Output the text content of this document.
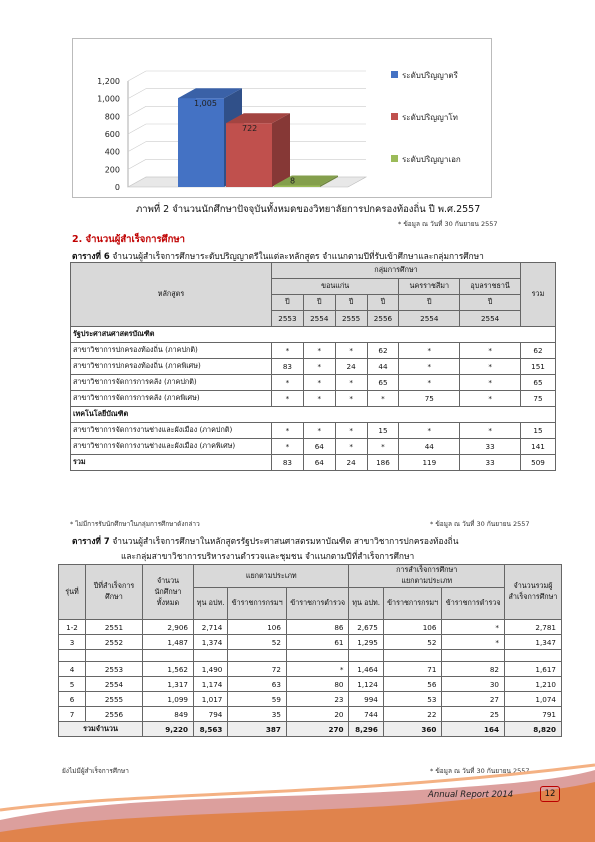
0
200
400
600
800
1,000
1,200
1,005
722
8
ระดับปริญญาตรี
ระดับปริญญาโท
ระดับปริญญาเอก
ภาพที่ 2 จำนวนนักศึกษาปัจจุบันทั้งหมดของวิทยาลัยการปกครองท้องถิ่น ปี พ.ศ.2557
* ข้อมูล ณ วันที่ 30 กันยายน 2557
2. จำนวนผู้สำเร็จการศึกษา
ตารางที่ 6 จำนวนผู้สำเร็จการศึกษาระดับปริญญาตรีในแต่ละหลักสูตร จำแนกตามปีที่รับเข้าศึกษาและกลุ่มการศึกษา
หลักสูตร	กลุ่มการศึกษา						รวม
	ขอนแก่น				นครราชสีมา	อุบลราชธานี	
	ปี	ปี	ปี	ปี	ปี	ปี	
	2553	2554	2555	2556	2554	2554	
รัฐประศาสนศาสตรบัณฑิต							
สาขาวิชาการปกครองท้องถิ่น (ภาคปกติ)	*	*	*	62	*	*	62
สาขาวิชาการปกครองท้องถิ่น (ภาคพิเศษ)	83	*	24	44	*	*	151
สาขาวิชาการจัดการการคลัง (ภาคปกติ)	*	*	*	65	*	*	65
สาขาวิชาการจัดการการคลัง (ภาคพิเศษ)	*	*	*	*	75	*	75
เทคโนโลยีบัณฑิต							
สาขาวิชาการจัดการงานช่างและผังเมือง (ภาคปกติ)	*	*	*	15	*	*	15
สาขาวิชาการจัดการงานช่างและผังเมือง (ภาคพิเศษ)	*	64	*	*	44	33	141
รวม	83	64	24	186	119	33	509
* ไม่มีการรับนักศึกษาในกลุ่มการศึกษาดังกล่าว	* ข้อมูล ณ วันที่ 30 กันยายน 2557
ตารางที่ 7 จำนวนผู้สำเร็จการศึกษาในหลักสูตรรัฐประศาสนศาสตรมหาบัณฑิต สาขาวิชาการปกครองท้องถิ่น
และกลุ่มสาขาวิชาการบริหารงานตำรวจและชุมชน จำแนกตามปีที่สำเร็จการศึกษา
รุ่นที่	ปีที่สำเร็จการศึกษา	จำนวนนักศึกษาทั้งหมด	แยกตามประเภท			การสำเร็จการศึกษา
แยกตามประเภท			จำนวนรวมผู้สำเร็จการศึกษา
			ทุน อปท.	ข้าราชการกรมฯ	ข้าราชการตำรวจ	ทุน อปท.	ข้าราชการกรมฯ	ข้าราชการตำรวจ	
1-2	2551	2,906	2,714	106	86	2,675	106	*	2,781
3	2552	1,487	1,374	52	61	1,295	52	*	1,347

4	2553	1,562	1,490	72	*	1,464	71	82	1,617
5	2554	1,317	1,174	63	80	1,124	56	30	1,210
6	2555	1,099	1,017	59	23	994	53	27	1,074
7	2556	849	794	35	20	744	22	25	791
รวมจำนวน		9,220	8,563	387	270	8,296	360	164	8,820
ยังไม่มีผู้สำเร็จการศึกษา	* ข้อมูล ณ วันที่ 30 กันยายน 2557
Annual Report 2014	12
